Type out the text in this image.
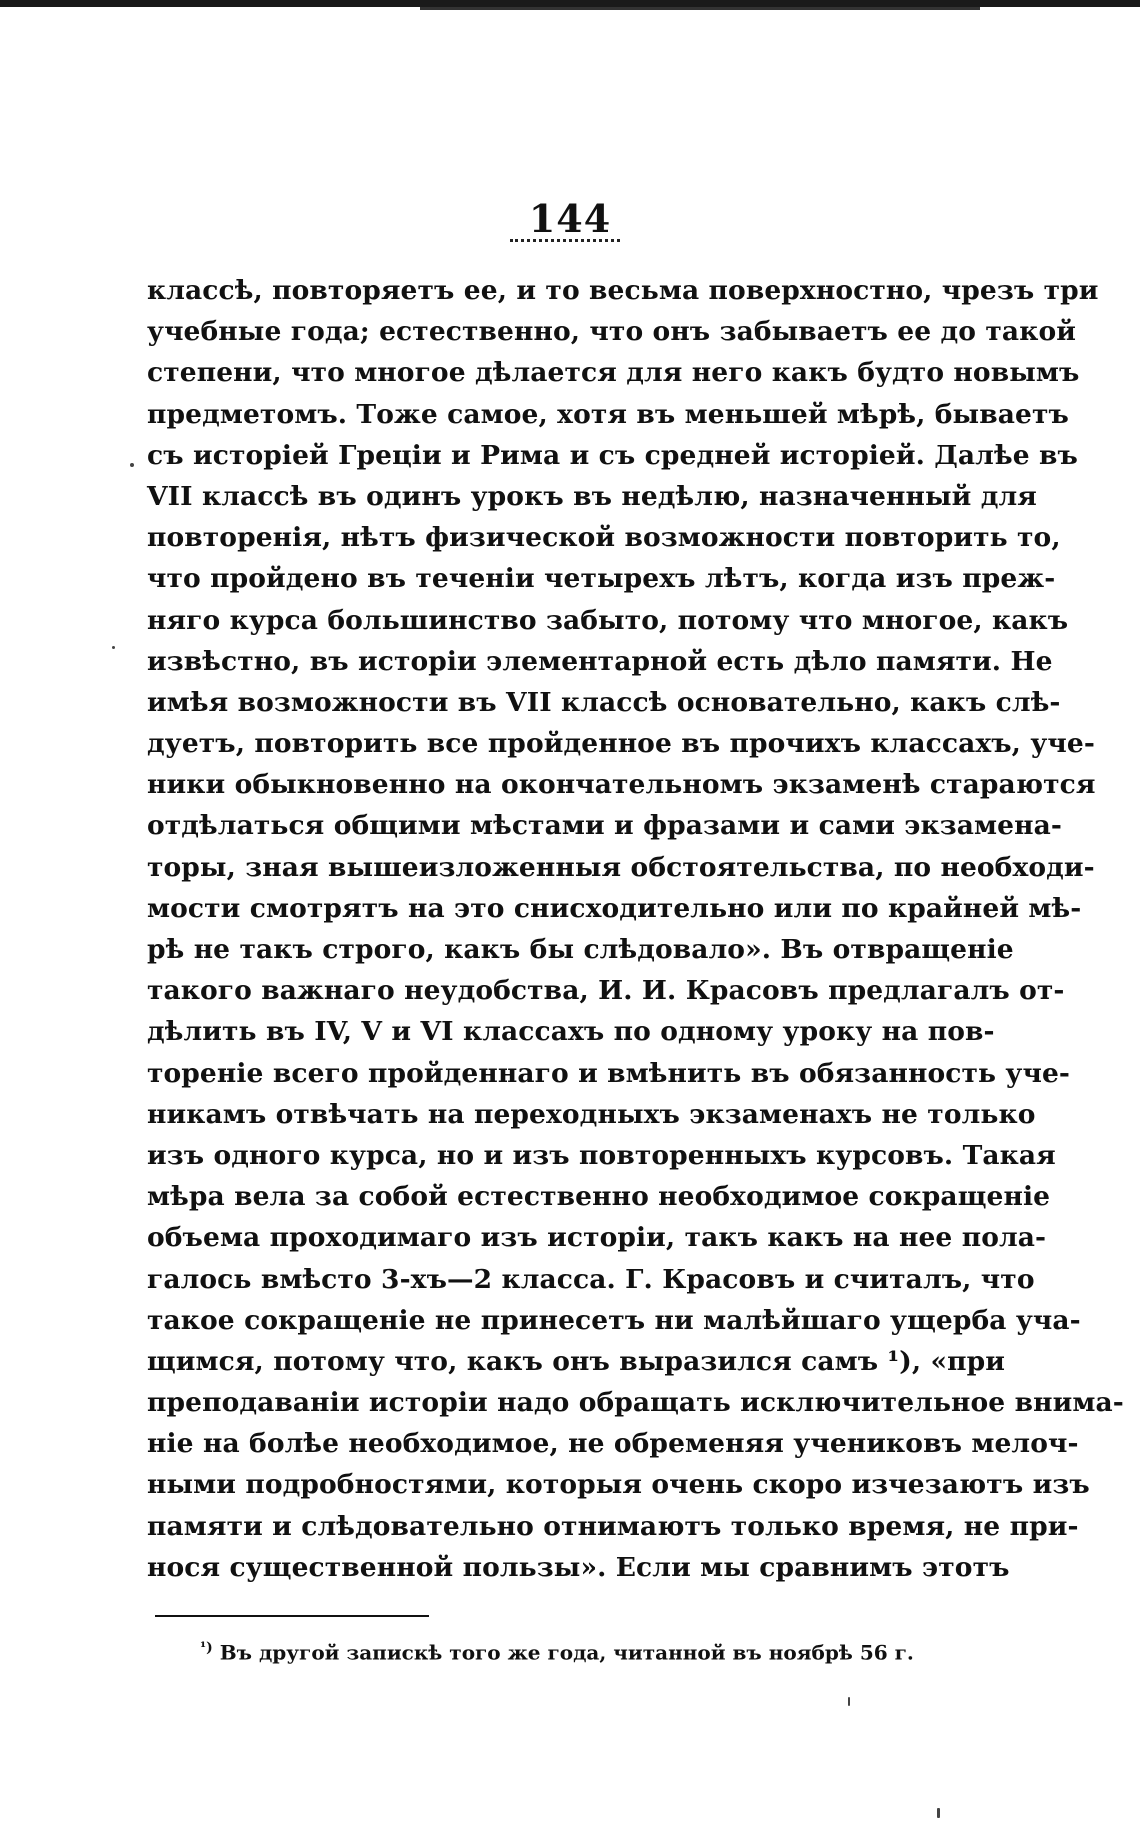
144
классѣ, повторяетъ ее, и то весьма поверхностно, чрезъ три
учебные года; естественно, что онъ забываетъ ее до такой
степени, что многое дѣлается для него какъ будто новымъ
предметомъ. Тоже самое, хотя въ меньшей мѣрѣ, бываетъ
съ исторіей Греціи и Рима и съ средней исторіей. Далѣе въ
VII классѣ въ одинъ урокъ въ недѣлю, назначенный для
повторенія, нѣтъ физической возможности повторить то,
что пройдено въ теченіи четырехъ лѣтъ, когда изъ преж-
няго курса большинство забыто, потому что многое, какъ
извѣстно, въ исторіи элементарной есть дѣло памяти. Не
имѣя возможности въ VII классѣ основательно, какъ слѣ-
дуетъ, повторить все пройденное въ прочихъ классахъ, уче-
ники обыкновенно на окончательномъ экзаменѣ стараются
отдѣлаться общими мѣстами и фразами и сами экзамена-
торы, зная вышеизложенныя обстоятельства, по необходи-
мости смотрятъ на это снисходительно или по крайней мѣ-
рѣ не такъ строго, какъ бы слѣдовало». Въ отвращеніе
такого важнаго неудобства, И. И. Красовъ предлагалъ от-
дѣлить въ IV, V и VI классахъ по одному уроку на пов-
тореніе всего пройденнаго и вмѣнить въ обязанность уче-
никамъ отвѣчать на переходныхъ экзаменахъ не только
изъ одного курса, но и изъ повторенныхъ курсовъ. Такая
мѣра вела за собой естественно необходимое сокращеніе
объема проходимаго изъ исторіи, такъ какъ на нее пола-
галось вмѣсто 3-хъ—2 класса. Г. Красовъ и считалъ, что
такое сокращеніе не принесетъ ни малѣйшаго ущерба уча-
щимся, потому что, какъ онъ выразился самъ ¹), «при
преподаваніи исторіи надо обращать исключительное внима-
ніе на болѣе необходимое, не обременяя учениковъ мелоч-
ными подробностями, которыя очень скоро изчезаютъ изъ
памяти и слѣдовательно отнимаютъ только время, не при-
нося существенной пользы». Если мы сравнимъ этотъ
$^{^1)}$ Въ другой запискѣ того же года, читанной въ ноябрѣ 56 г.
